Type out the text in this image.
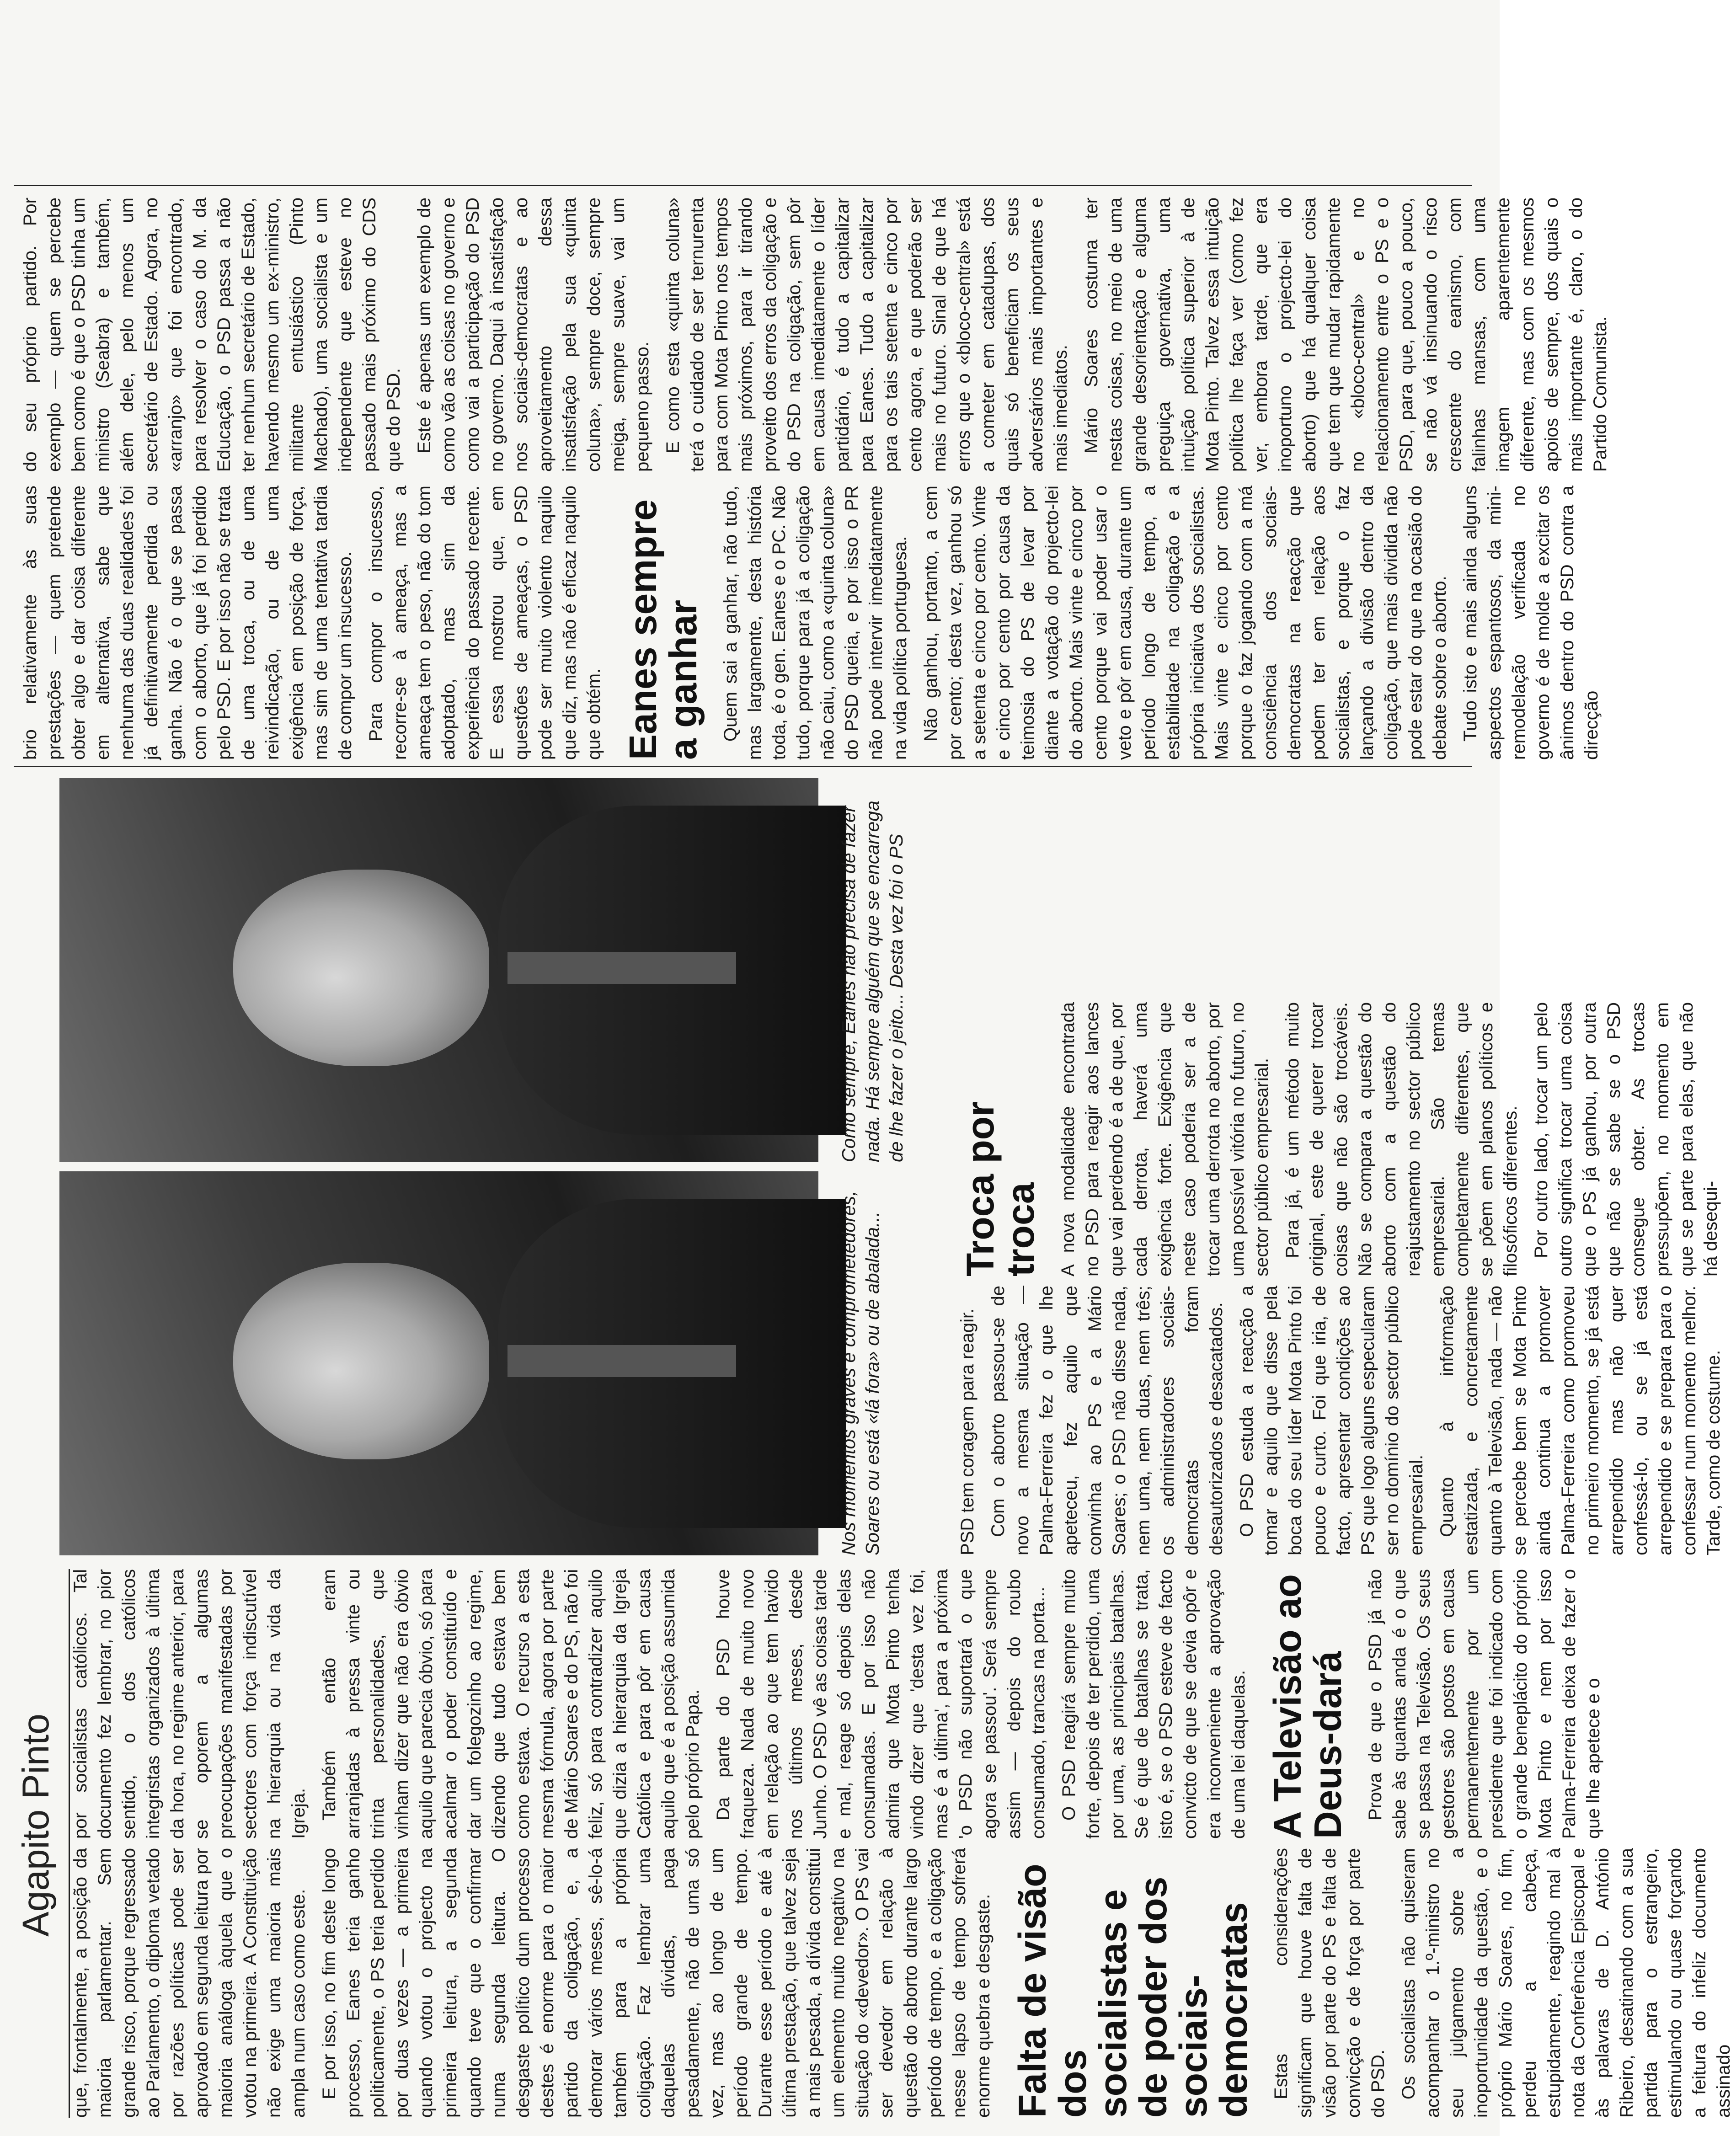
Agapito Pinto

que, frontalmente, a posição da maioria parlamentar. Sem grande risco, porque regressado ao Parlamento, o diploma vetado por razões políticas pode ser aprovado em segunda leitura por maioria análoga àquela que o votou na primeira. A Constituição não exige uma maioria mais ampla num caso como este. E por isso, no fim deste longo processo, Eanes teria ganho politicamente, o PS teria perdido por duas vezes — a primeira quando votou o projecto na primeira leitura, a segunda quando teve que o confirmar numa segunda leitura. O desgaste político dum processo destes é enorme para o maior partido da coligação, e, a demorar vários meses, sê-lo-á também para a própria coligação. Faz lembrar uma daquelas dívidas, paga pesadamente, não de uma só vez, mas ao longo de um período grande de tempo. Durante esse período e até à última prestação, que talvez seja a mais pesada, a dívida constitui um elemento muito negativo na situação do «devedor». O PS vai ser devedor em relação à questão do aborto durante largo período de tempo, e a coligação nesse lapso de tempo sofrerá enorme quebra e desgaste. Falta de visão dos socialistas e de poder dos sociais-democratas Estas considerações significam que houve falta de visão por parte do PS e falta de convicção e de força por parte do PSD. Os socialistas não quiseram acompanhar o 1.º-ministro no seu julgamento sobre a inoportunidade da questão, e o próprio Mário Soares, no fim, perdeu a cabeça, estupidamente, reagindo mal à nota da Conferência Episcopal e às palavras de D. António Ribeiro, desatinando com a sua partida para o estrangeiro, estimulando ou quase forçando a feitura do infeliz documento assinado

por socialistas católicos. Tal documento fez lembrar, no pior sentido, o dos católicos integristas organizados à última da hora, no regime anterior, para se oporem a algumas preocupações manifestadas por sectores com força indiscutível na hierarquia ou na vida da Igreja. Também então eram arranjadas à pressa vinte ou trinta personalidades, que vinham dizer que não era óbvio aquilo que parecia óbvio, só para acalmar o poder constituído e dar um folegozinho ao regime, dizendo que tudo estava bem como estava. O recurso a esta mesma fórmula, agora por parte de Mário Soares e do PS, não foi feliz, só para contradizer aquilo que dizia a hierarquia da Igreja Católica e para pôr em causa aquilo que é a posição assumida pelo próprio Papa. Da parte do PSD houve fraqueza. Nada de muito novo em relação ao que tem havido nos últimos meses, desde Junho. O PSD vê as coisas tarde e mal, reage só depois delas consumadas. E por isso não admira que Mota Pinto tenha vindo dizer que 'desta vez foi, mas é a última', para a próxima 'o PSD não suportará o que agora se passou'. Será sempre assim — depois do roubo consumado, trancas na porta... O PSD reagirá sempre muito forte, depois de ter perdido, uma por uma, as principais batalhas. Se é que de batalhas se trata, isto é, se o PSD esteve de facto convicto de que se devia opôr e era inconveniente a aprovação de uma lei daquelas. A Televisão ao Deus-dará Prova de que o PSD já não sabe às quantas anda é o que se passa na Televisão. Os seus gestores são postos em causa permanentemente por um presidente que foi indicado com o grande beneplácito do próprio Mota Pinto e nem por isso Palma-Ferreira deixa de fazer o que lhe apetece e o

Nos momentos graves e comprometedores, Soares ou está «lá fora» ou de abalada...
Como sempre, Eanes não precisa de fazer nada. Há sempre alguém que se encarrega de lhe fazer o jeito... Desta vez foi o PS

PSD tem coragem para reagir. Com o aborto passou-se de novo a mesma situação — Palma-Ferreira fez o que lhe apeteceu, fez aquilo que convinha ao PS e a Mário Soares; o PSD não disse nada, nem uma, nem duas, nem três; os administradores sociais-democratas foram desautorizados e desacatados. O PSD estuda a reacção a tomar e aquilo que disse pela boca do seu líder Mota Pinto foi pouco e curto. Foi que iria, de facto, apresentar condições ao PS que logo alguns especularam ser no domínio do sector público empresarial. Quanto à informação estatizada, e concretamente quanto à Televisão, nada — não se percebe bem se Mota Pinto ainda continua a promover Palma-Ferreira como promoveu no primeiro momento, se já está arrependido mas não quer confessá-lo, ou se já está arrependido e se prepara para o confessar num momento melhor. Tarde, como de costume.

Troca por troca A nova modalidade encontrada no PSD para reagir aos lances que vai perdendo é a de que, por cada derrota, haverá uma exigência forte. Exigência que neste caso poderia ser a de trocar uma derrota no aborto, por uma possível vitória no futuro, no sector público empresarial. Para já, é um método muito original, este de querer trocar coisas que não são trocáveis. Não se compara a questão do aborto com a questão do reajustamento no sector público empresarial. São temas completamente diferentes, que se põem em planos políticos e filosóficos diferentes. Por outro lado, trocar um pelo outro significa trocar uma coisa que o PS já ganhou, por outra que não se sabe se o PSD consegue obter. As trocas pressupõem, no momento em que se parte para elas, que não há desequi-

brio relativamente às suas prestações — quem pretende obter algo e dar coisa diferente em alternativa, sabe que nenhuma das duas realidades foi já definitivamente perdida ou ganha. Não é o que se passa com o aborto, que já foi perdido pelo PSD. E por isso não se trata de uma troca, ou de uma reivindicação, ou de uma exigência em posição de força, mas sim de uma tentativa tardia de compor um insucesso. Para compor o insucesso, recorre-se à ameaça, mas a ameaça tem o peso, não do tom adoptado, mas sim da experiência do passado recente. E essa mostrou que, em questões de ameaças, o PSD pode ser muito violento naquilo que diz, mas não é eficaz naquilo que obtém. Eanes sempre a ganhar Quem sai a ganhar, não tudo, mas largamente, desta história toda, é o gen. Eanes e o PC. Não tudo, porque para já a coligação não caiu, como a «quinta coluna» do PSD queria, e por isso o PR não pode intervir imediatamente na vida política portuguesa. Não ganhou, portanto, a cem por cento; desta vez, ganhou só a setenta e cinco por cento. Vinte e cinco por cento por causa da teimosia do PS de levar por diante a votação do projecto-lei do aborto. Mais vinte e cinco por cento porque vai poder usar o veto e pôr em causa, durante um período longo de tempo, a estabilidade na coligação e a própria iniciativa dos socialistas. Mais vinte e cinco por cento porque o faz jogando com a má consciência dos sociais-democratas na reacção que podem ter em relação aos socialistas, e porque o faz lançando a divisão dentro da coligação, que mais dividida não pode estar do que na ocasião do debate sobre o aborto. Tudo isto e mais ainda alguns aspectos espantosos, da mini-remodelação verificada no governo é de molde a excitar os ânimos dentro do PSD contra a direcção

do seu próprio partido. Por exemplo — quem se percebe bem como é que o PSD tinha um ministro (Seabra) e também, além dele, pelo menos um secretário de Estado. Agora, no «arranjo» que foi encontrado, para resolver o caso do M. da Educação, o PSD passa a não ter nenhum secretário de Estado, havendo mesmo um ex-ministro, militante entusiástico (Pinto Machado), uma socialista e um independente que esteve no passado mais próximo do CDS que do PSD. Este é apenas um exemplo de como vão as coisas no governo e como vai a participação do PSD no governo. Daqui à insatisfação nos sociais-democratas e ao aproveitamento dessa insatisfação pela sua «quinta coluna», sempre doce, sempre meiga, sempre suave, vai um pequeno passo. E como esta «quinta coluna» terá o cuidado de ser ternurenta para com Mota Pinto nos tempos mais próximos, para ir tirando proveito dos erros da coligação e do PSD na coligação, sem pôr em causa imediatamente o líder partidário, é tudo a capitalizar para Eanes. Tudo a capitalizar para os tais setenta e cinco por cento agora, e que poderão ser mais no futuro. Sinal de que há erros que o «bloco-central» está a cometer em catadupas, dos quais só beneficiam os seus adversários mais importantes e mais imediatos. Mário Soares costuma ter nestas coisas, no meio de uma grande desorientação e alguma preguiça governativa, uma intuição política superior à de Mota Pinto. Talvez essa intuição política lhe faça ver (como fez ver, embora tarde, que era inoportuno o projecto-lei do aborto) que há qualquer coisa que tem que mudar rapidamente no «bloco-central» e no relacionamento entre o PS e o PSD, para que, pouco a pouco, se não vá insinuando o risco crescente do eanismo, com falinhas mansas, com uma imagem aparentemente diferente, mas com os mesmos apoios de sempre, dos quais o mais importante é, claro, o do Partido Comunista.
